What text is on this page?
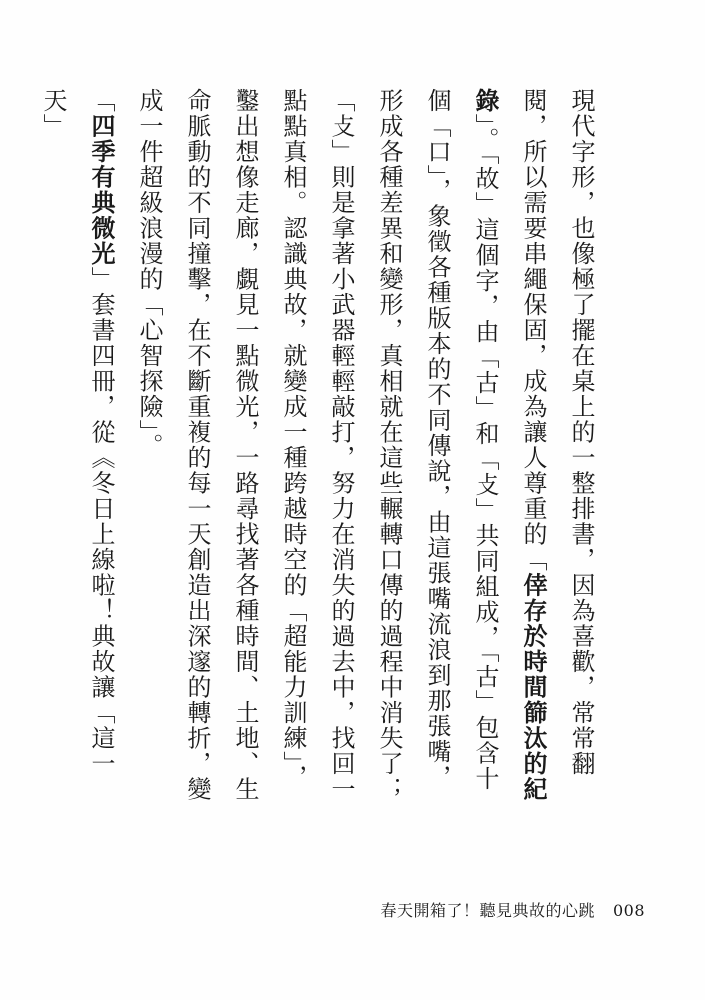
現代字形，也像極了擺在桌上的一整排書，因為喜歡，常常翻閱，所以需要串繩保固，成為讓人尊重的「倖存於時間篩汰的紀錄」。「故」這個字，由「古」和「攴」共同組成，「古」包含十個「口」，象徵各種版本的不同傳說，由這張嘴流浪到那張嘴，形成各種差異和變形，真相就在這些輾轉口傳的過程中消失了；「攴」則是拿著小武器輕輕敲打，努力在消失的過去中，找回一點點真相。認識典故，就變成一種跨越時空的「超能力訓練」，鑿出想像走廊，覷見一點微光，一路尋找著各種時間、土地、生命脈動的不同撞擊，在不斷重複的每一天創造出深邃的轉折，變成一件超級浪漫的「心智探險」。

「四季有典微光」套書四冊，從《冬日上線啦！典故讓「這一天」

春天開箱了！聽見典故的心跳 008
